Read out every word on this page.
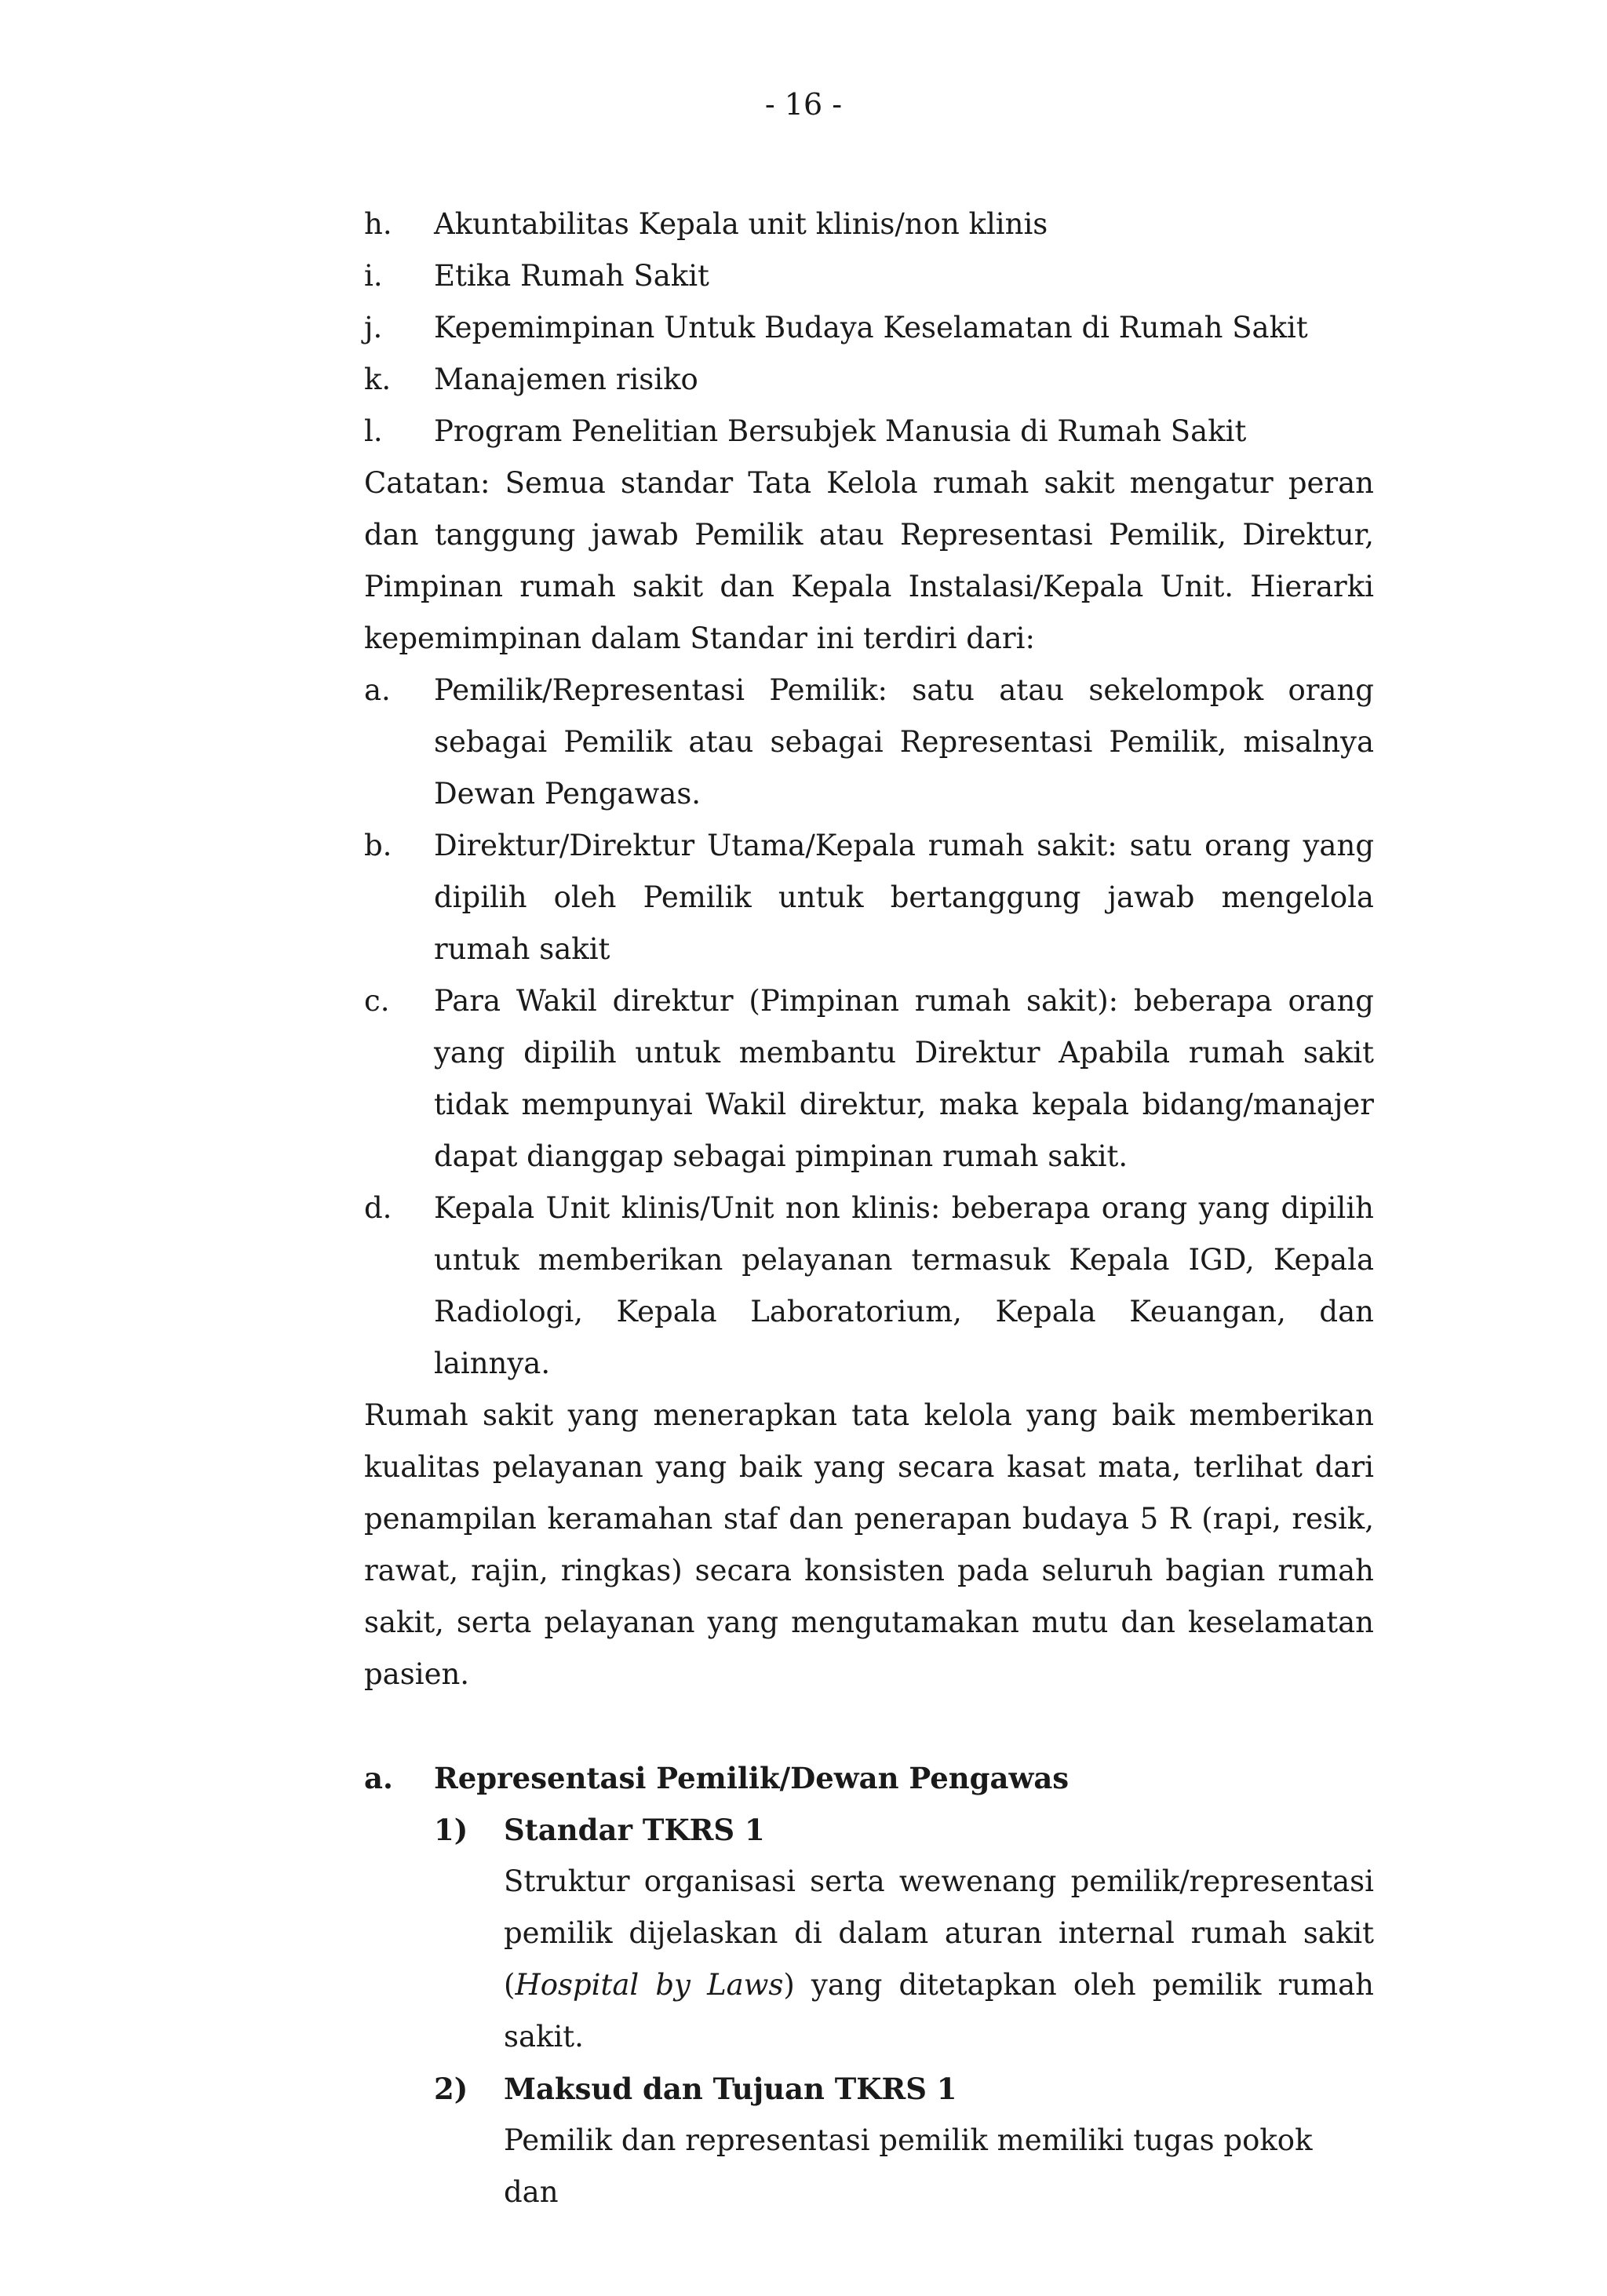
- 16 -
h.	Akuntabilitas Kepala unit klinis/non klinis
i.	Etika Rumah Sakit
j.	Kepemimpinan Untuk Budaya Keselamatan di Rumah Sakit
k.	Manajemen risiko
l.	Program Penelitian Bersubjek Manusia di Rumah Sakit
Catatan: Semua standar Tata Kelola rumah sakit mengatur peran dan tanggung jawab Pemilik atau Representasi Pemilik, Direktur, Pimpinan rumah sakit dan Kepala Instalasi/Kepala Unit. Hierarki kepemimpinan dalam Standar ini terdiri dari:
a.	Pemilik/Representasi Pemilik: satu atau sekelompok orang sebagai Pemilik atau sebagai Representasi Pemilik, misalnya Dewan Pengawas.
b.	Direktur/Direktur Utama/Kepala rumah sakit: satu orang yang dipilih oleh Pemilik untuk bertanggung jawab mengelola rumah sakit
c.	Para Wakil direktur (Pimpinan rumah sakit): beberapa orang yang dipilih untuk membantu Direktur Apabila rumah sakit tidak mempunyai Wakil direktur, maka kepala bidang/manajer dapat dianggap sebagai pimpinan rumah sakit.
d.	Kepala Unit klinis/Unit non klinis: beberapa orang yang dipilih untuk memberikan pelayanan termasuk Kepala IGD, Kepala Radiologi, Kepala Laboratorium, Kepala Keuangan, dan lainnya.
Rumah sakit yang menerapkan tata kelola yang baik memberikan kualitas pelayanan yang baik yang secara kasat mata, terlihat dari penampilan keramahan staf dan penerapan budaya 5 R (rapi, resik, rawat, rajin, ringkas) secara konsisten pada seluruh bagian rumah sakit, serta pelayanan yang mengutamakan mutu dan keselamatan pasien.
a.	Representasi Pemilik/Dewan Pengawas
1)	Standar TKRS 1
Struktur organisasi serta wewenang pemilik/representasi pemilik dijelaskan di dalam aturan internal rumah sakit (Hospital by Laws) yang ditetapkan oleh pemilik rumah sakit.
2)	Maksud dan Tujuan TKRS 1
Pemilik dan representasi pemilik memiliki tugas pokok dan
